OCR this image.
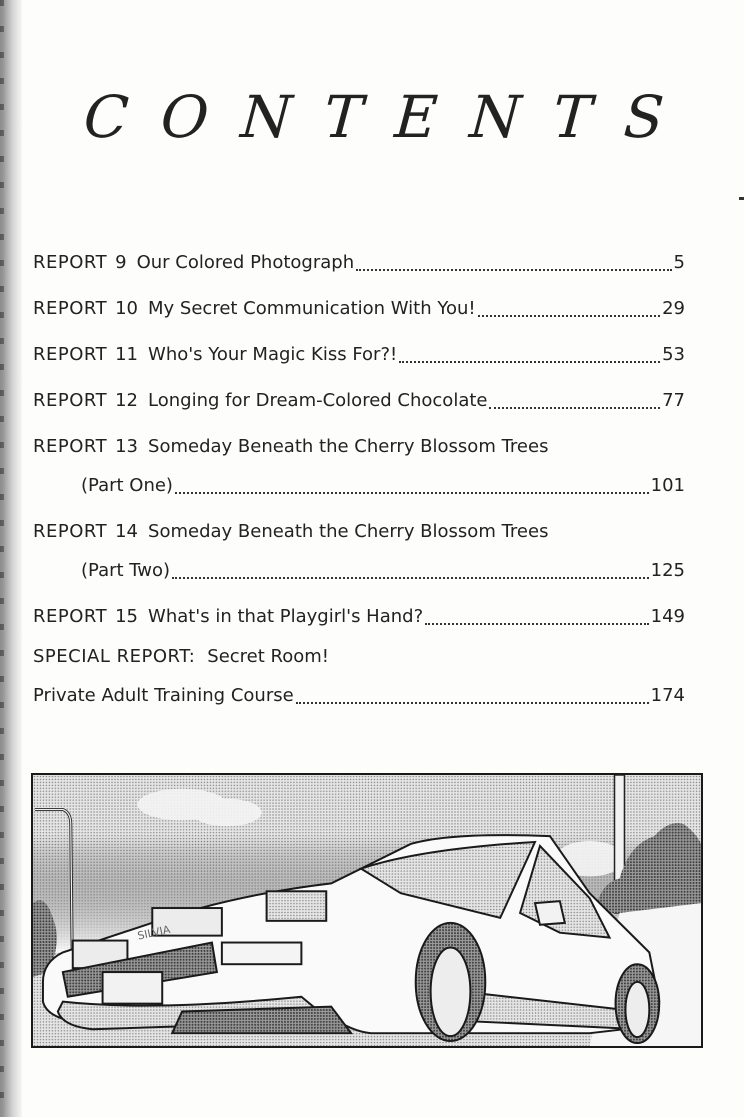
C O N T E N T S
REPORT 9 Our Colored Photograph	5
REPORT 10 My Secret Communication With You!	29
REPORT 11 Who's Your Magic Kiss For?!	53
REPORT 12 Longing for Dream-Colored Chocolate	77
REPORT 13 Someday Beneath the Cherry Blossom Trees
(Part One)	101
REPORT 14 Someday Beneath the Cherry Blossom Trees
(Part Two)	125
REPORT 15 What's in that Playgirl's Hand?	149
SPECIAL REPORT: Secret Room!
Private Adult Training Course	174
SILVIA
